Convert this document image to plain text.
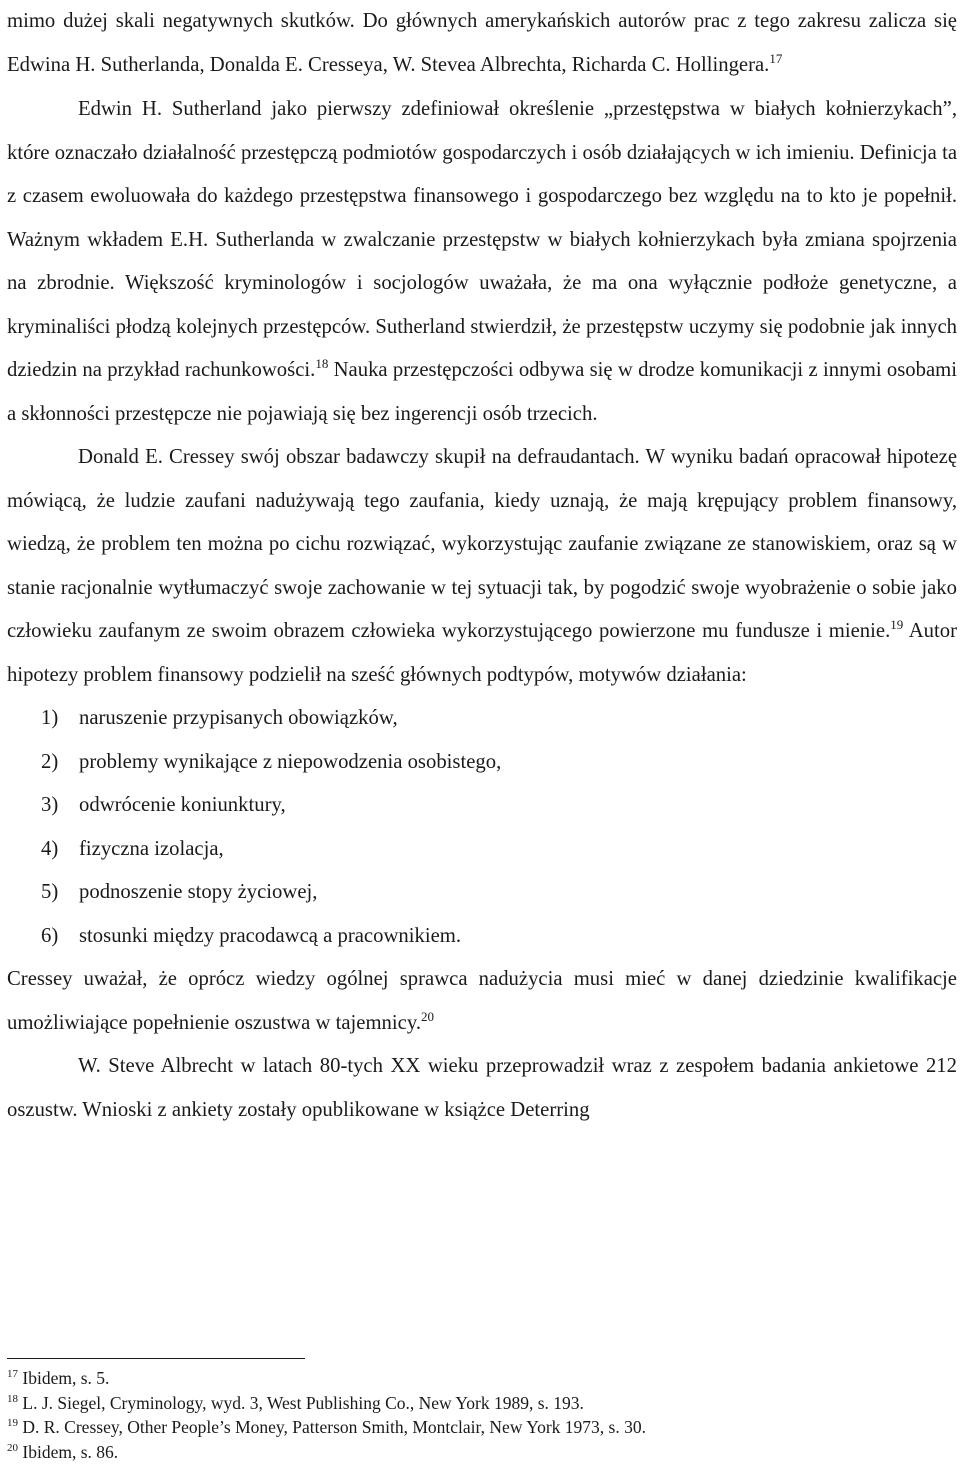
mimo dużej skali negatywnych skutków. Do głównych amerykańskich autorów prac z tego zakresu zalicza się Edwina H. Sutherlanda, Donalda E. Cresseya, W. Stevea Albrechta, Richarda C. Hollingera.$^{17}$

Edwin H. Sutherland jako pierwszy zdefiniował określenie „przestępstwa w białych kołnierzykach”, które oznaczało działalność przestępczą podmiotów gospodarczych i osób działających w ich imieniu. Definicja ta z czasem ewoluowała do każdego przestępstwa finansowego i gospodarczego bez względu na to kto je popełnił. Ważnym wkładem E.H. Sutherlanda w zwalczanie przestępstw w białych kołnierzykach była zmiana spojrzenia na zbrodnie. Większość kryminologów i socjologów uważała, że ma ona wyłącznie podłoże genetyczne, a kryminaliści płodzą kolejnych przestępców. Sutherland stwierdził, że przestępstw uczymy się podobnie jak innych dziedzin na przykład rachunkowości.$^{18}$ Nauka przestępczości odbywa się w drodze komunikacji z innymi osobami a skłonności przestępcze nie pojawiają się bez ingerencji osób trzecich.

Donald E. Cressey swój obszar badawczy skupił na defraudantach. W wyniku badań opracował hipotezę mówiącą, że ludzie zaufani nadużywają tego zaufania, kiedy uznają, że mają krępujący problem finansowy, wiedzą, że problem ten można po cichu rozwiązać, wykorzystując zaufanie związane ze stanowiskiem, oraz są w stanie racjonalnie wytłumaczyć swoje zachowanie w tej sytuacji tak, by pogodzić swoje wyobrażenie o sobie jako człowieku zaufanym ze swoim obrazem człowieka wykorzystującego powierzone mu fundusze i mienie.$^{19}$ Autor hipotezy problem finansowy podzielił na sześć głównych podtypów, motywów działania:

1) naruszenie przypisanych obowiązków,
2) problemy wynikające z niepowodzenia osobistego,
3) odwrócenie koniunktury,
4) fizyczna izolacja,
5) podnoszenie stopy życiowej,
6) stosunki między pracodawcą a pracownikiem.

Cressey uważał, że oprócz wiedzy ogólnej sprawca nadużycia musi mieć w danej dziedzinie kwalifikacje umożliwiające popełnienie oszustwa w tajemnicy.$^{20}$

W. Steve Albrecht w latach 80-tych XX wieku przeprowadził wraz z zespołem badania ankietowe 212 oszustw. Wnioski z ankiety zostały opublikowane w książce Deterring

$^{17}$ Ibidem, s. 5.
$^{18}$ L. J. Siegel, Cryminology, wyd. 3, West Publishing Co., New York 1989, s. 193.
$^{19}$ D. R. Cressey, Other People’s Money, Patterson Smith, Montclair, New York 1973, s. 30.
$^{20}$ Ibidem, s. 86.
